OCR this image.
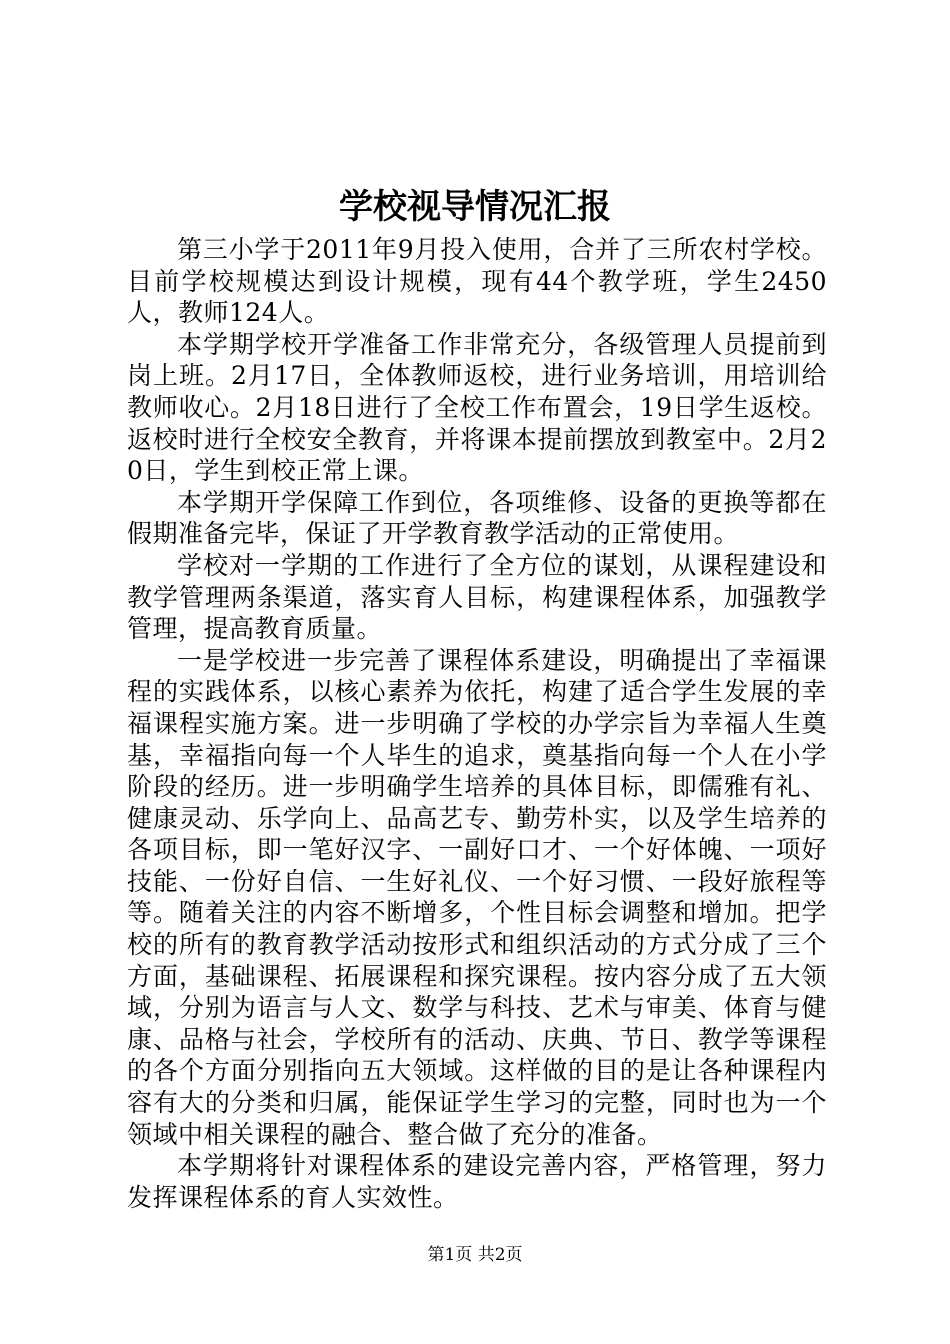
学校视导情况汇报

第三小学于2011年9月投入使用，合并了三所农村学校。目前学校规模达到设计规模，现有44个教学班，学生2450人，教师124人。

本学期学校开学准备工作非常充分，各级管理人员提前到岗上班。2月17日，全体教师返校，进行业务培训，用培训给教师收心。2月18日进行了全校工作布置会，19日学生返校。返校时进行全校安全教育，并将课本提前摆放到教室中。2月20日，学生到校正常上课。

本学期开学保障工作到位，各项维修、设备的更换等都在假期准备完毕，保证了开学教育教学活动的正常使用。

学校对一学期的工作进行了全方位的谋划，从课程建设和教学管理两条渠道，落实育人目标，构建课程体系，加强教学管理，提高教育质量。

一是学校进一步完善了课程体系建设，明确提出了幸福课程的实践体系，以核心素养为依托，构建了适合学生发展的幸福课程实施方案。进一步明确了学校的办学宗旨为幸福人生奠基，幸福指向每一个人毕生的追求，奠基指向每一个人在小学阶段的经历。进一步明确学生培养的具体目标，即儒雅有礼、健康灵动、乐学向上、品高艺专、勤劳朴实，以及学生培养的各项目标，即一笔好汉字、一副好口才、一个好体魄、一项好技能、一份好自信、一生好礼仪、一个好习惯、一段好旅程等等。随着关注的内容不断增多，个性目标会调整和增加。把学校的所有的教育教学活动按形式和组织活动的方式分成了三个方面，基础课程、拓展课程和探究课程。按内容分成了五大领域，分别为语言与人文、数学与科技、艺术与审美、体育与健康、品格与社会，学校所有的活动、庆典、节日、教学等课程的各个方面分别指向五大领域。这样做的目的是让各种课程内容有大的分类和归属，能保证学生学习的完整，同时也为一个领域中相关课程的融合、整合做了充分的准备。

本学期将针对课程体系的建设完善内容，严格管理，努力发挥课程体系的育人实效性。

第1页 共2页
